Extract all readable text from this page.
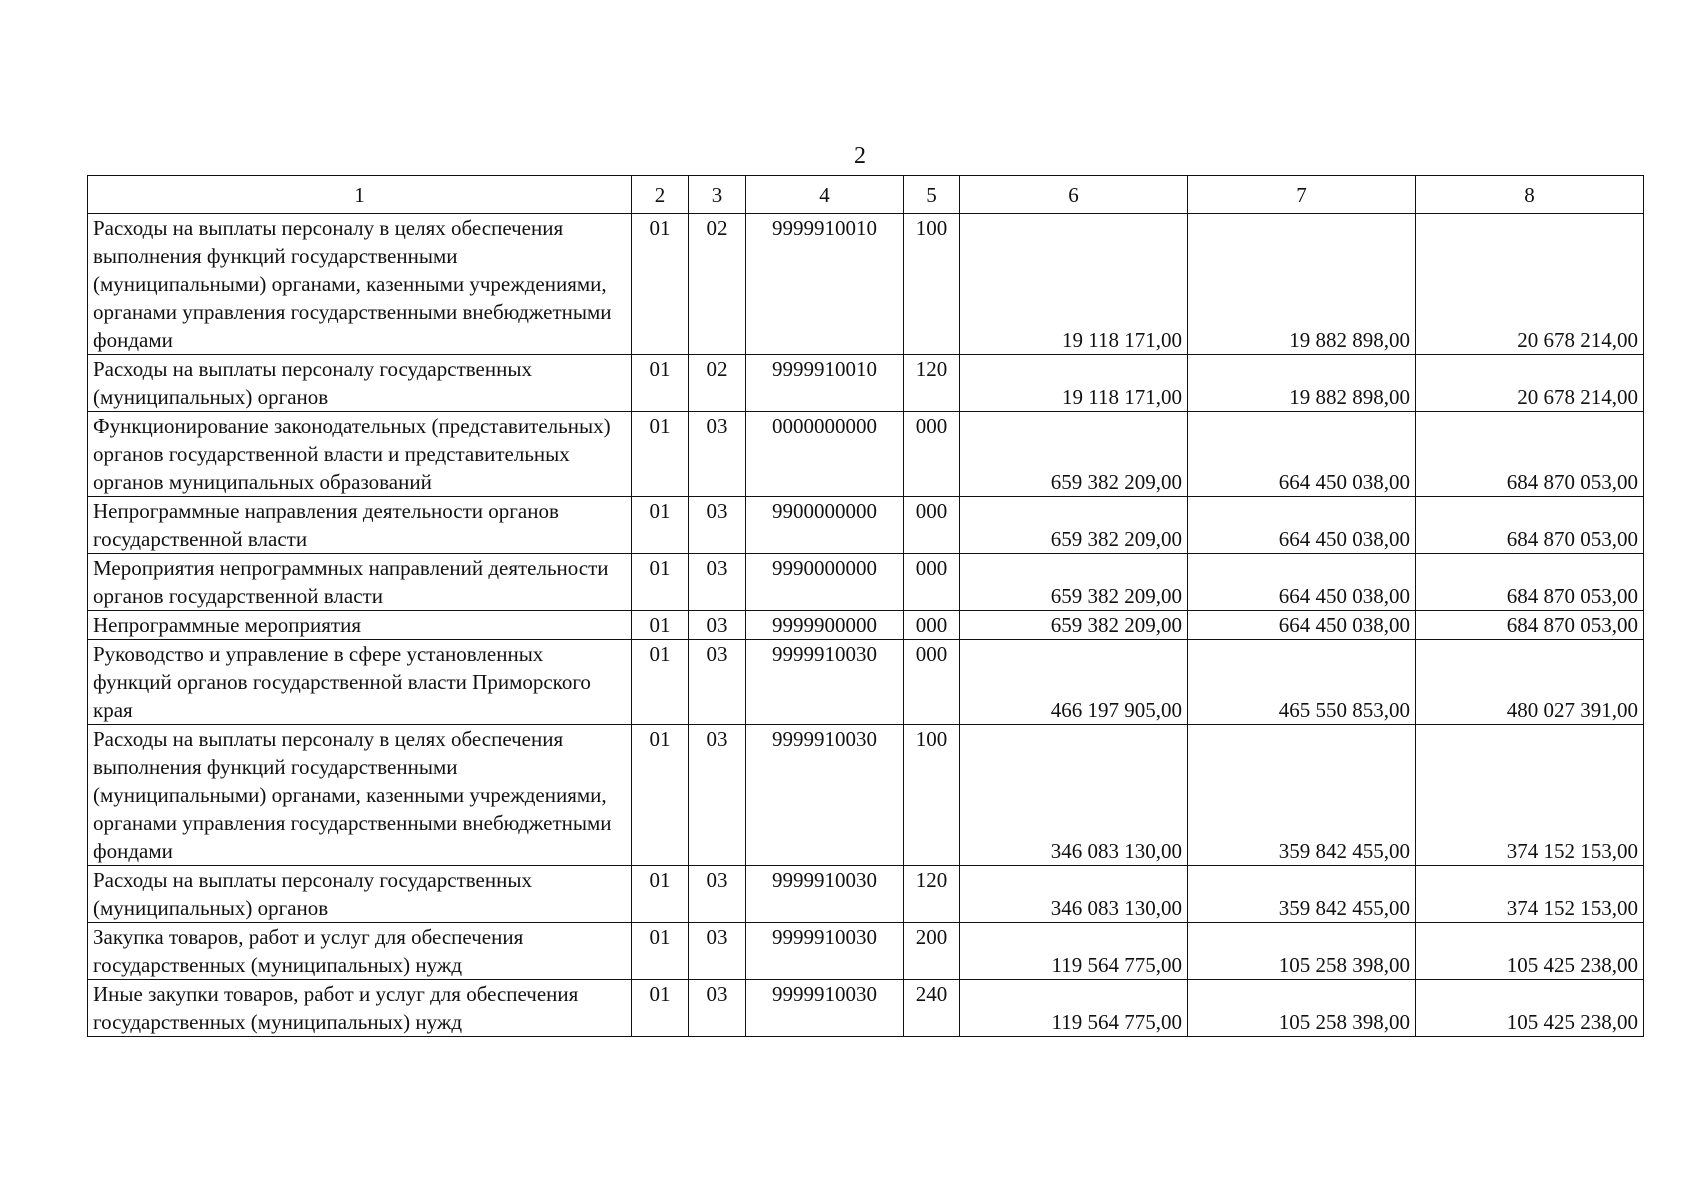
2
1	2	3	4	5	6	7	8
Расходы на выплаты персоналу в целях обеспечения выполнения функций государственными (муниципальными) органами, казенными учреждениями, органами управления государственными внебюджетными фондами	01	02	9999910010	100	19 118 171,00	19 882 898,00	20 678 214,00
Расходы на выплаты персоналу государственных (муниципальных) органов	01	02	9999910010	120	19 118 171,00	19 882 898,00	20 678 214,00
Функционирование законодательных (представительных) органов государственной власти и представительных органов муниципальных образований	01	03	0000000000	000	659 382 209,00	664 450 038,00	684 870 053,00
Непрограммные направления деятельности органов государственной власти	01	03	9900000000	000	659 382 209,00	664 450 038,00	684 870 053,00
Мероприятия непрограммных направлений деятельности органов государственной власти	01	03	9990000000	000	659 382 209,00	664 450 038,00	684 870 053,00
Непрограммные мероприятия	01	03	9999900000	000	659 382 209,00	664 450 038,00	684 870 053,00
Руководство и управление в сфере установленных функций органов государственной власти Приморского края	01	03	9999910030	000	466 197 905,00	465 550 853,00	480 027 391,00
Расходы на выплаты персоналу в целях обеспечения выполнения функций государственными (муниципальными) органами, казенными учреждениями, органами управления государственными внебюджетными фондами	01	03	9999910030	100	346 083 130,00	359 842 455,00	374 152 153,00
Расходы на выплаты персоналу государственных (муниципальных) органов	01	03	9999910030	120	346 083 130,00	359 842 455,00	374 152 153,00
Закупка товаров, работ и услуг для обеспечения государственных (муниципальных) нужд	01	03	9999910030	200	119 564 775,00	105 258 398,00	105 425 238,00
Иные закупки товаров, работ и услуг для обеспечения государственных (муниципальных) нужд	01	03	9999910030	240	119 564 775,00	105 258 398,00	105 425 238,00
